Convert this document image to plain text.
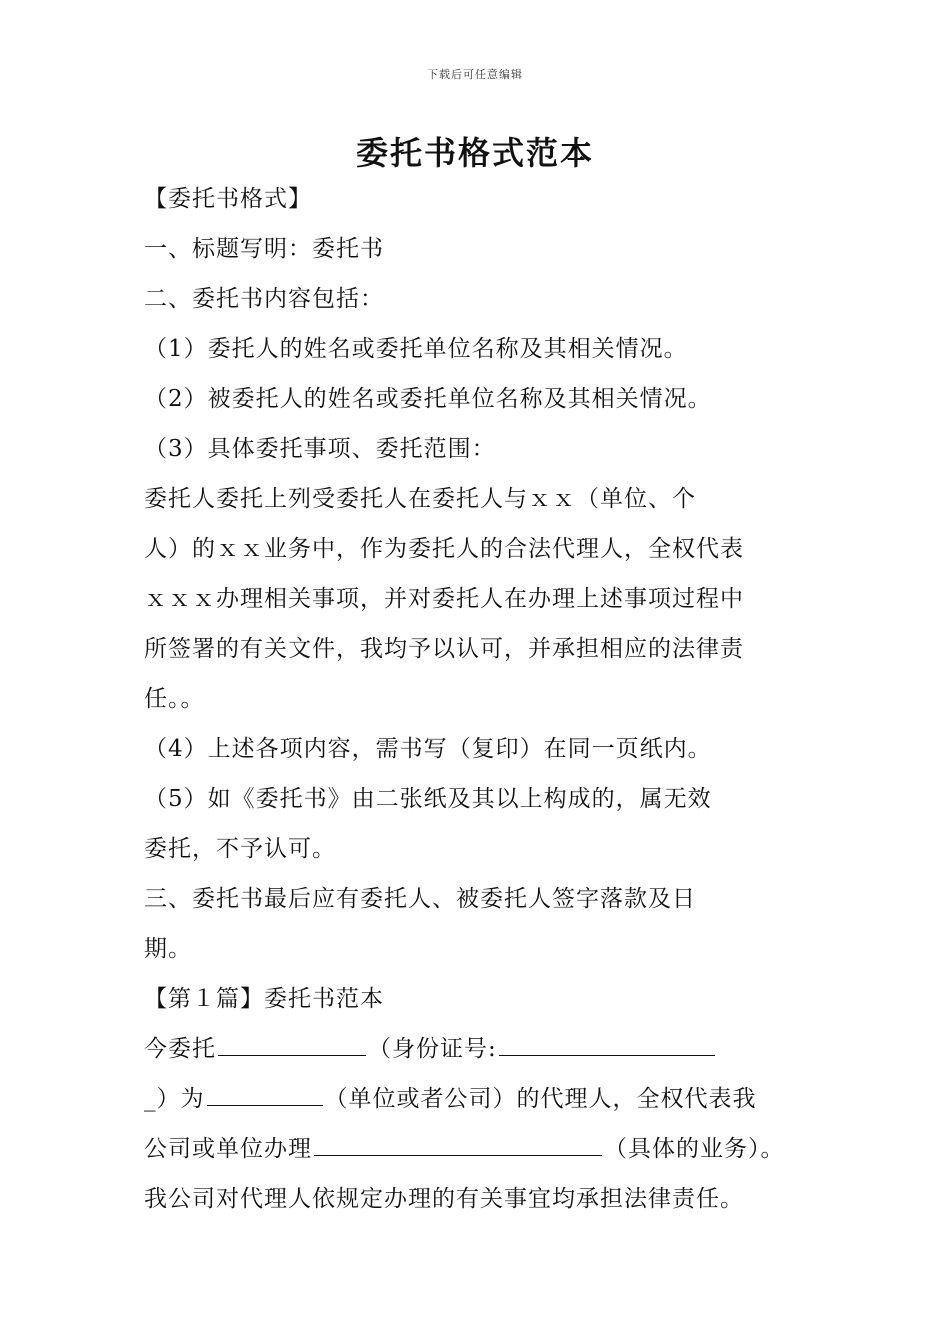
下载后可任意编辑
委托书格式范本

【委托书格式】

一、标题写明：委托书

二、委托书内容包括：

（1）委托人的姓名或委托单位名称及其相关情况。

（2）被委托人的姓名或委托单位名称及其相关情况。

（3）具体委托事项、委托范围：

委托人委托上列受委托人在委托人与ｘｘ（单位、个

人）的ｘｘ业务中，作为委托人的合法代理人，全权代表

ｘｘｘ办理相关事项，并对委托人在办理上述事项过程中

所签署的有关文件，我均予以认可，并承担相应的法律责

任。。

（4）上述各项内容，需书写（复印）在同一页纸内。

（5）如《委托书》由二张纸及其以上构成的，属无效

委托，不予认可。

三、委托书最后应有委托人、被委托人签字落款及日

期。

【第１篇】委托书范本

今委托	（身份证号:

_）为	（单位或者公司）的代理人，全权代表我

公司或单位办理	（具体的业务）。

我公司对代理人依规定办理的有关事宜均承担法律责任。
